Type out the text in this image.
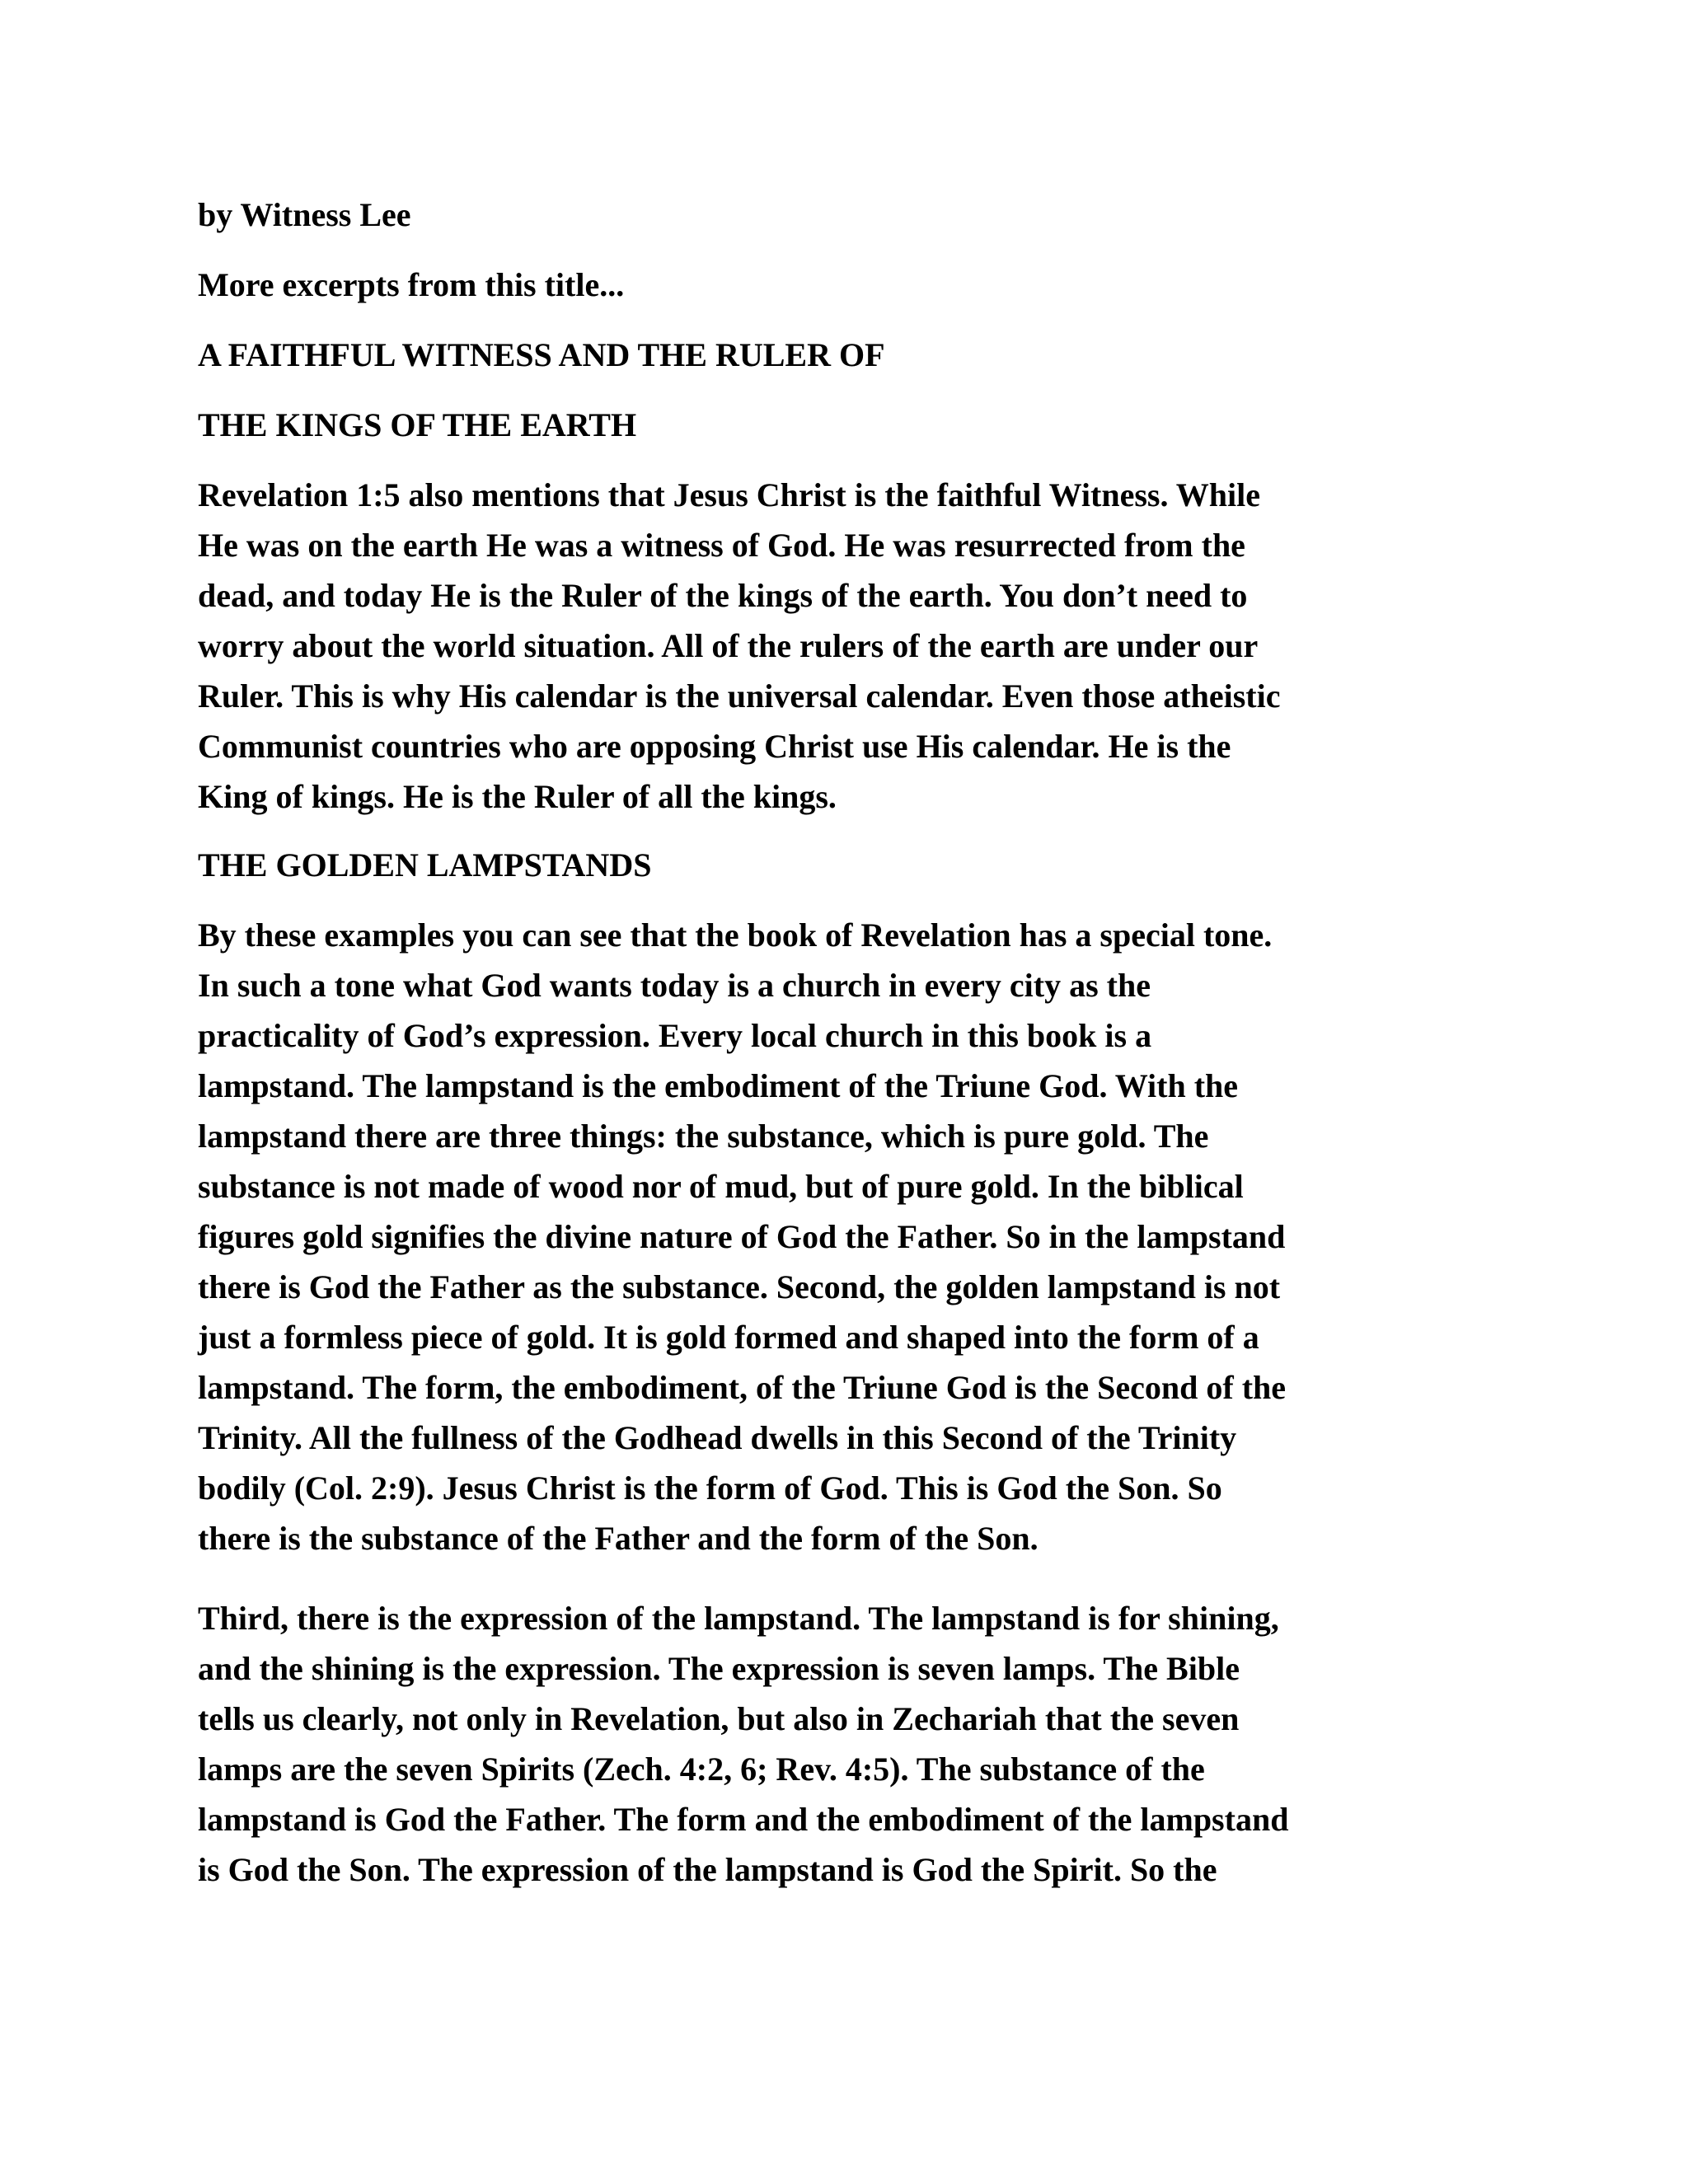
by Witness Lee

More excerpts from this title...

A FAITHFUL WITNESS AND THE RULER OF

THE KINGS OF THE EARTH

Revelation 1:5 also mentions that Jesus Christ is the faithful Witness. While
He was on the earth He was a witness of God. He was resurrected from the
dead, and today He is the Ruler of the kings of the earth. You don’t need to
worry about the world situation. All of the rulers of the earth are under our
Ruler. This is why His calendar is the universal calendar. Even those atheistic
Communist countries who are opposing Christ use His calendar. He is the
King of kings. He is the Ruler of all the kings.

THE GOLDEN LAMPSTANDS

By these examples you can see that the book of Revelation has a special tone.
In such a tone what God wants today is a church in every city as the
practicality of God’s expression. Every local church in this book is a
lampstand. The lampstand is the embodiment of the Triune God. With the
lampstand there are three things: the substance, which is pure gold. The
substance is not made of wood nor of mud, but of pure gold. In the biblical
figures gold signifies the divine nature of God the Father. So in the lampstand
there is God the Father as the substance. Second, the golden lampstand is not
just a formless piece of gold. It is gold formed and shaped into the form of a
lampstand. The form, the embodiment, of the Triune God is the Second of the
Trinity. All the fullness of the Godhead dwells in this Second of the Trinity
bodily (Col. 2:9). Jesus Christ is the form of God. This is God the Son. So
there is the substance of the Father and the form of the Son.

Third, there is the expression of the lampstand. The lampstand is for shining,
and the shining is the expression. The expression is seven lamps. The Bible
tells us clearly, not only in Revelation, but also in Zechariah that the seven
lamps are the seven Spirits (Zech. 4:2, 6; Rev. 4:5). The substance of the
lampstand is God the Father. The form and the embodiment of the lampstand
is God the Son. The expression of the lampstand is God the Spirit. So the
